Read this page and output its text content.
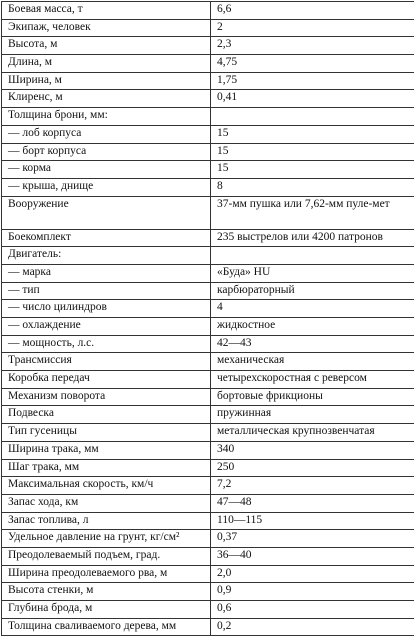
Боевая масса, т	6,6
Экипаж, человек	2
Высота, м	2,3
Длина, м	4,75
Ширина, м	1,75
Клиренс, м	0,41
Толщина брони, мм:	
— лоб корпуса	15
— борт корпуса	15
— корма	15
— крыша, днище	8
Вооружение	37-мм пушка или 7,62-мм пуле-мет
Боекомплект	235 выстрелов или 4200 патронов
Двигатель:	
— марка	«Буда» HU
— тип	карбюраторный
— число цилиндров	4
— охлаждение	жидкостное
— мощность, л.с.	42—43
Трансмиссия	механическая
Коробка передач	четырехскоростная с реверсом
Механизм поворота	бортовые фрикционы
Подвеска	пружинная
Тип гусеницы	металлическая крупнозвенчатая
Ширина трака, мм	340
Шаг трака, мм	250
Максимальная скорость, км/ч	7,2
Запас хода, км	47—48
Запас топлива, л	110—115
Удельное давление на грунт, кг/см²	0,37
Преодолеваемый подъем, град.	36—40
Ширина преодолеваемого рва, м	2,0
Высота стенки, м	0,9
Глубина брода, м	0,6
Толщина сваливаемого дерева, мм	0,2
